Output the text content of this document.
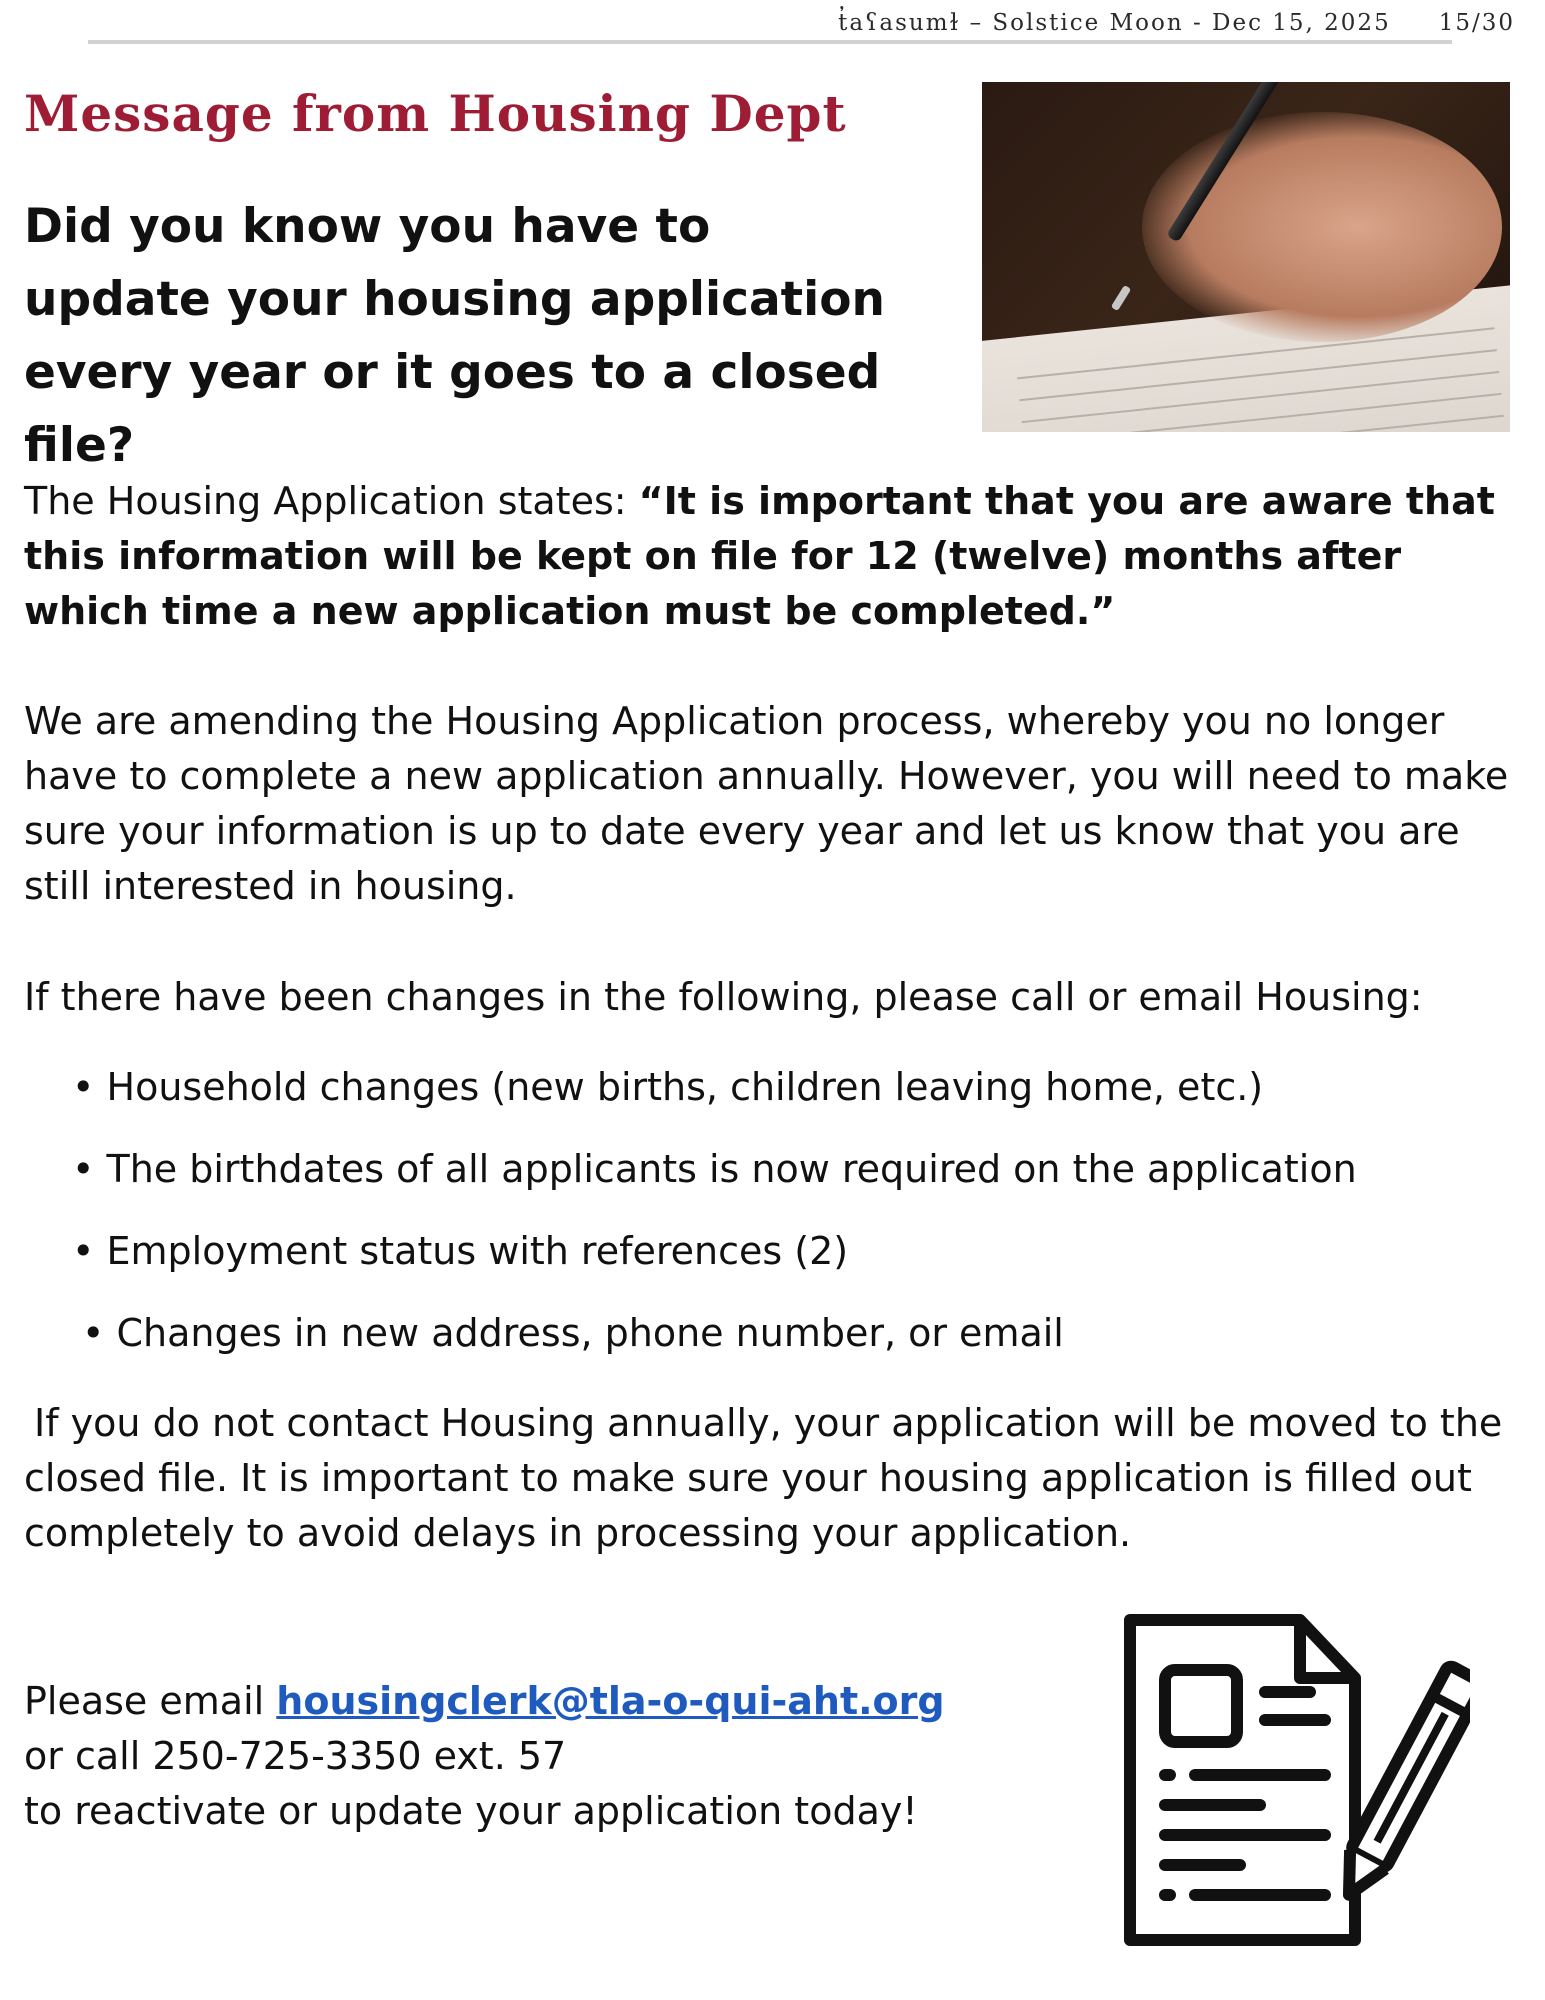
t̓aʕasumɫ – Solstice Moon - Dec 15, 2025 15/30
Message from Housing Dept
Did you know you have to update your housing application every year or it goes to a closed file?
The Housing Application states: “It is important that you are aware that this information will be kept on file for 12 (twelve) months after which time a new application must be completed.”
We are amending the Housing Application process, whereby you no longer have to complete a new application annually. However, you will need to make sure your information is up to date every year and let us know that you are still interested in housing.
If there have been changes in the following, please call or email Housing:
• Household changes (new births, children leaving home, etc.)
• The birthdates of all applicants is now required on the application
• Employment status with references (2)
• Changes in new address, phone number, or email
If you do not contact Housing annually, your application will be moved to the closed file. It is important to make sure your housing application is filled out completely to avoid delays in processing your application.
Please email housingclerk@tla-o-qui-aht.org
or call 250-725-3350 ext. 57
to reactivate or update your application today!
